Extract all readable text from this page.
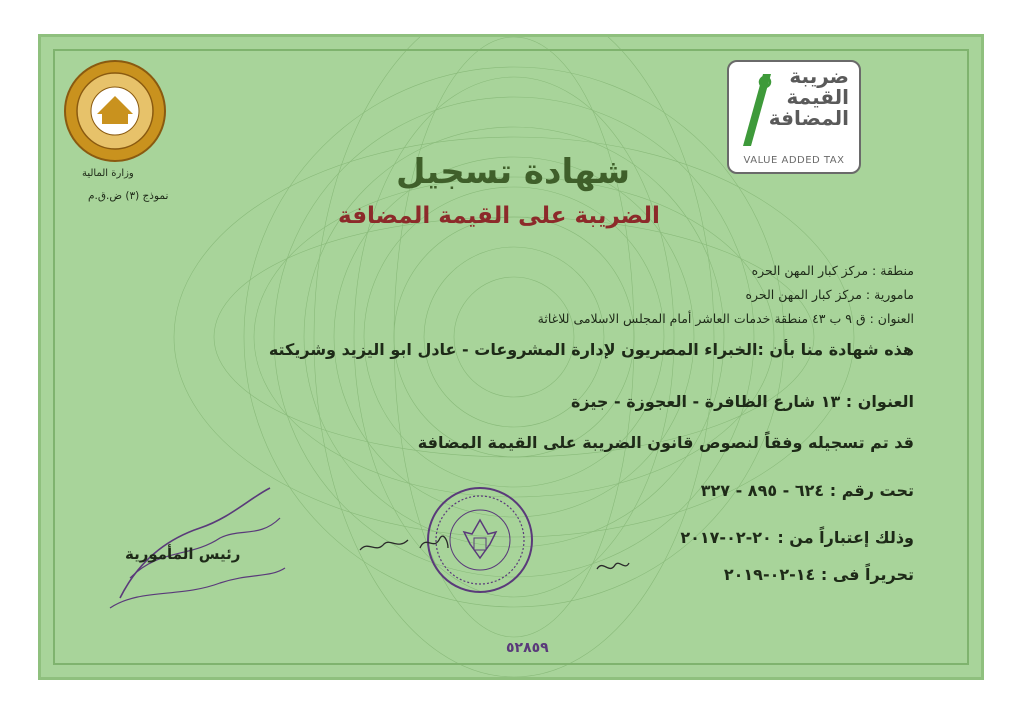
وزارة المالية
نموذج (٣) ض.ق.م
ضريبة
القيمة
المضافة
VALUE ADDED TAX
شهادة تسجيل
الضريبة على القيمة المضافة
منطقة : مركز كبار المهن الحره
مامورية : مركز كبار المهن الحره
العنوان : ق ٩ ب ٤٣ منطقة خدمات العاشر أمام المجلس الاسلامى للاغاثة
هذه شهادة منا بأن :الخبراء المصريون لإدارة المشروعات - عادل ابو اليزيد وشريكته
العنوان : ١٣ شارع الظافرة - العجوزة - جيزة
قد تم تسجيله وفقاً لنصوص قانون الضريبة على القيمة المضافة
تحت رقم : ٦٢٤ - ٨٩٥ - ٣٢٧
وذلك إعتباراً من : ٢٠-٠٢-٢٠١٧
تحريراً فى : ١٤-٠٢-٢٠١٩
رئيس المأمورية
٥٢٨٥٩
